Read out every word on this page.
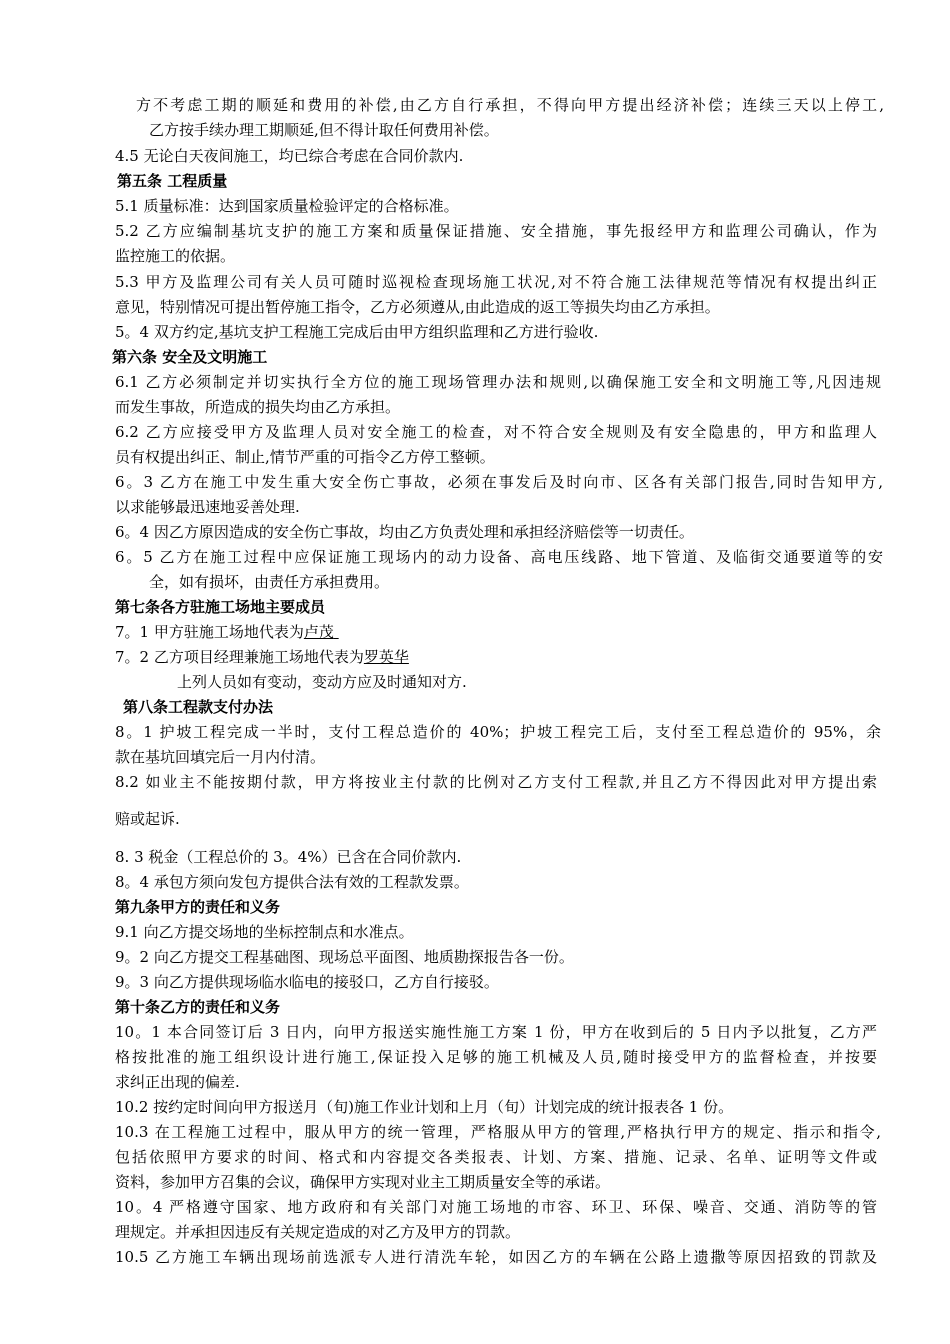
方不考虑工期的顺延和费用的补偿,由乙方自行承担，不得向甲方提出经济补偿；连续三天以上停工,
乙方按手续办理工期顺延,但不得计取任何费用补偿。
4.5 无论白天夜间施工，均已综合考虑在合同价款内.
第五条 工程质量
5.1 质量标准：达到国家质量检验评定的合格标准。
5.2 乙方应编制基坑支护的施工方案和质量保证措施、安全措施，事先报经甲方和监理公司确认，作为
监控施工的依据。
5.3 甲方及监理公司有关人员可随时巡视检查现场施工状况,对不符合施工法律规范等情况有权提出纠正
意见，特别情况可提出暂停施工指令，乙方必须遵从,由此造成的返工等损失均由乙方承担。
5。4 双方约定,基坑支护工程施工完成后由甲方组织监理和乙方进行验收.
第六条 安全及文明施工
6.1 乙方必须制定并切实执行全方位的施工现场管理办法和规则,以确保施工安全和文明施工等,凡因违规
而发生事故，所造成的损失均由乙方承担。
6.2 乙方应接受甲方及监理人员对安全施工的检查，对不符合安全规则及有安全隐患的，甲方和监理人
员有权提出纠正、制止,情节严重的可指令乙方停工整顿。
6。3 乙方在施工中发生重大安全伤亡事故，必须在事发后及时向市、区各有关部门报告,同时告知甲方,
以求能够最迅速地妥善处理.
6。4 因乙方原因造成的安全伤亡事故，均由乙方负责处理和承担经济赔偿等一切责任。
6。5 乙方在施工过程中应保证施工现场内的动力设备、高电压线路、地下管道、及临街交通要道等的安
全，如有损坏，由责任方承担费用。
第七条各方驻施工场地主要成员
7。1 甲方驻施工场地代表为卢茂
7。2 乙方项目经理兼施工场地代表为罗英华
上列人员如有变动，变动方应及时通知对方.
第八条工程款支付办法
8。1 护坡工程完成一半时，支付工程总造价的 40%；护坡工程完工后，支付至工程总造价的 95%，余
款在基坑回填完后一月内付清。
8.2 如业主不能按期付款，甲方将按业主付款的比例对乙方支付工程款,并且乙方不得因此对甲方提出索
赔或起诉.
8. 3 税金（工程总价的 3。4%）已含在合同价款内.
8。4 承包方须向发包方提供合法有效的工程款发票。
第九条甲方的责任和义务
9.1 向乙方提交场地的坐标控制点和水准点。
9。2 向乙方提交工程基础图、现场总平面图、地质勘探报告各一份。
9。3 向乙方提供现场临水临电的接驳口，乙方自行接驳。
第十条乙方的责任和义务
10。1 本合同签订后 3 日内，向甲方报送实施性施工方案 1 份，甲方在收到后的 5 日内予以批复，乙方严
格按批准的施工组织设计进行施工,保证投入足够的施工机械及人员,随时接受甲方的监督检查，并按要
求纠正出现的偏差.
10.2 按约定时间向甲方报送月（旬)施工作业计划和上月（旬）计划完成的统计报表各 1 份。
10.3 在工程施工过程中，服从甲方的统一管理，严格服从甲方的管理,严格执行甲方的规定、指示和指令,
包括依照甲方要求的时间、格式和内容提交各类报表、计划、方案、措施、记录、名单、证明等文件或
资料，参加甲方召集的会议，确保甲方实现对业主工期质量安全等的承诺。
10。4 严格遵守国家、地方政府和有关部门对施工场地的市容、环卫、环保、噪音、交通、消防等的管
理规定。并承担因违反有关规定造成的对乙方及甲方的罚款。
10.5 乙方施工车辆出现场前选派专人进行清洗车轮，如因乙方的车辆在公路上遗撒等原因招致的罚款及
